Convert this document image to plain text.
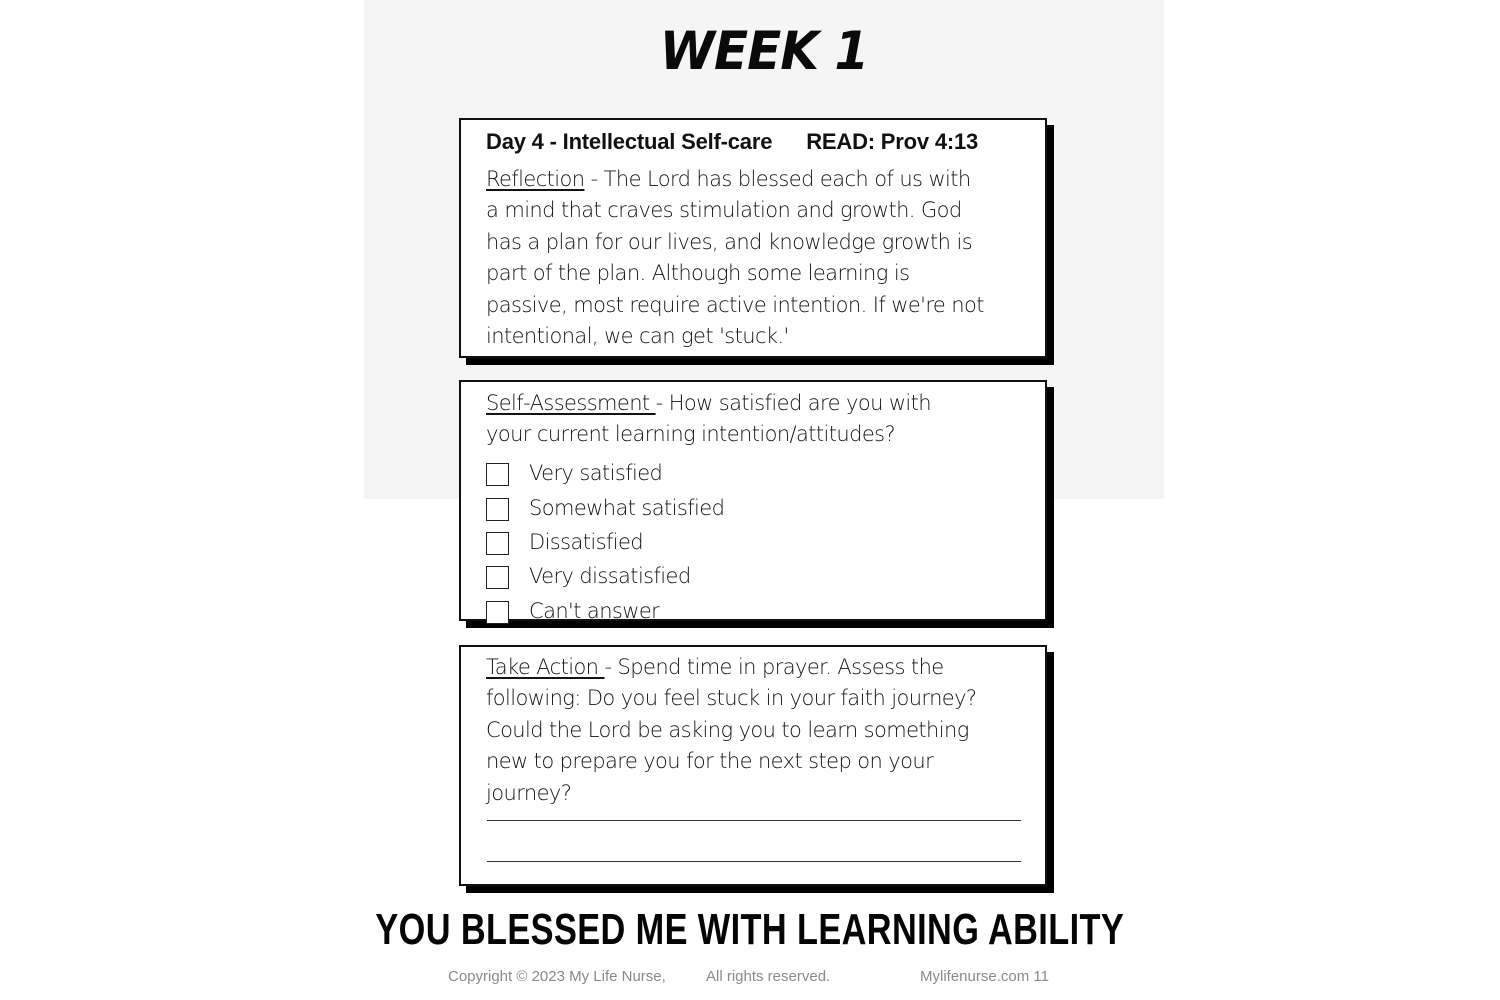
WEEK 1
Day 4 - Intellectual Self-care READ: Prov 4:13
Reflection - The Lord has blessed each of us with
a mind that craves stimulation and growth. God
has a plan for our lives, and knowledge growth is
part of the plan. Although some learning is
passive, most require active intention. If we're not
intentional, we can get 'stuck.'
Self-Assessment - How satisfied are you with
your current learning intention/attitudes?
Very satisfied
Somewhat satisfied
Dissatisfied
Very dissatisfied
Can't answer
Take Action - Spend time in prayer. Assess the
following: Do you feel stuck in your faith journey?
Could the Lord be asking you to learn something
new to prepare you for the next step on your
journey?
YOU BLESSED ME WITH LEARNING ABILITY
Copyright © 2023 My Life Nurse,	All rights reserved.	Mylifenurse.com 11
